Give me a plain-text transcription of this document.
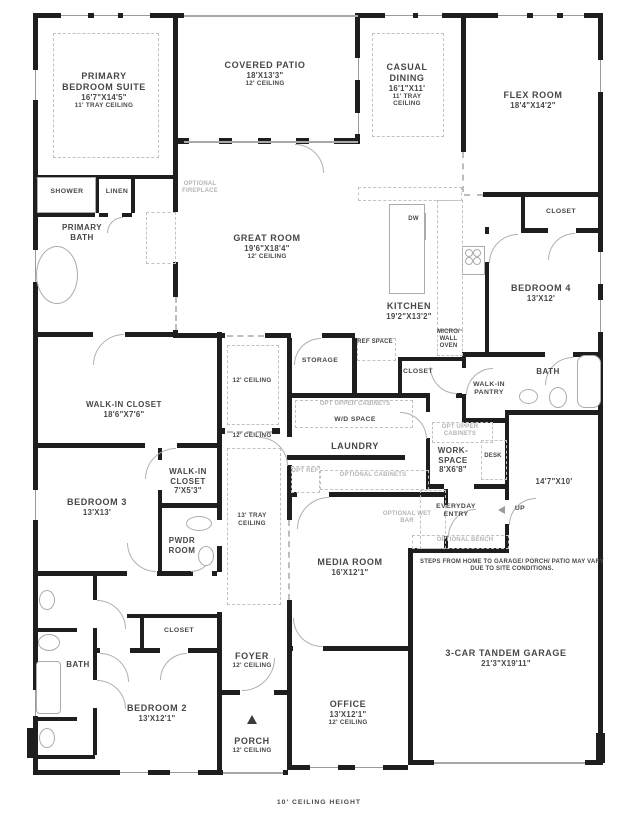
PRIMARY BEDROOM SUITE
16'7"X14'5"
11' TRAY CEILING
COVERED PATIO
18'X13'3"
12' CEILING
CASUAL DINING
16'1"X11'
11' TRAY CEILING
FLEX ROOM
18'4"X14'2"
GREAT ROOM
19'6"X18'4"
12' CEILING
OPTIONAL FIREPLACE
SHOWER	LINEN
PRIMARY BATH
KITCHEN
19'2"X13'2"
DW
BEDROOM 4
13'X12'
CLOSET
BATH
WALK-IN PANTRY
STORAGE
REF SPACE
CLOSET
MICRO/ WALL OVEN
WALK-IN CLOSET
18'6"X7'6"
12' CEILING
12' CEILING
13' TRAY CEILING
BEDROOM 3
13'X13'
WALK-IN CLOSET
7'X5'3"
PWDR ROOM
OPT UPPER CABINETS
W/D SPACE
LAUNDRY
OPT REF
OPTIONAL CABINETS
OPT UPPER CABINETS
WORK-SPACE
8'X6'8"
DESK
14'7"X10'
EVERYDAY ENTRY
UP
OPTIONAL WET BAR
OPTIONAL BENCH
MEDIA ROOM
16'X12'1"
STEPS FROM HOME TO GARAGE/ PORCH/ PATIO MAY VARY DUE TO SITE CONDITIONS.
3-CAR TANDEM GARAGE
21'3"X19'11"
OFFICE
13'X12'1"
12' CEILING
FOYER
12' CEILING
PORCH
12' CEILING
BEDROOM 2
13'X12'1"
CLOSET
BATH
10' CEILING HEIGHT
